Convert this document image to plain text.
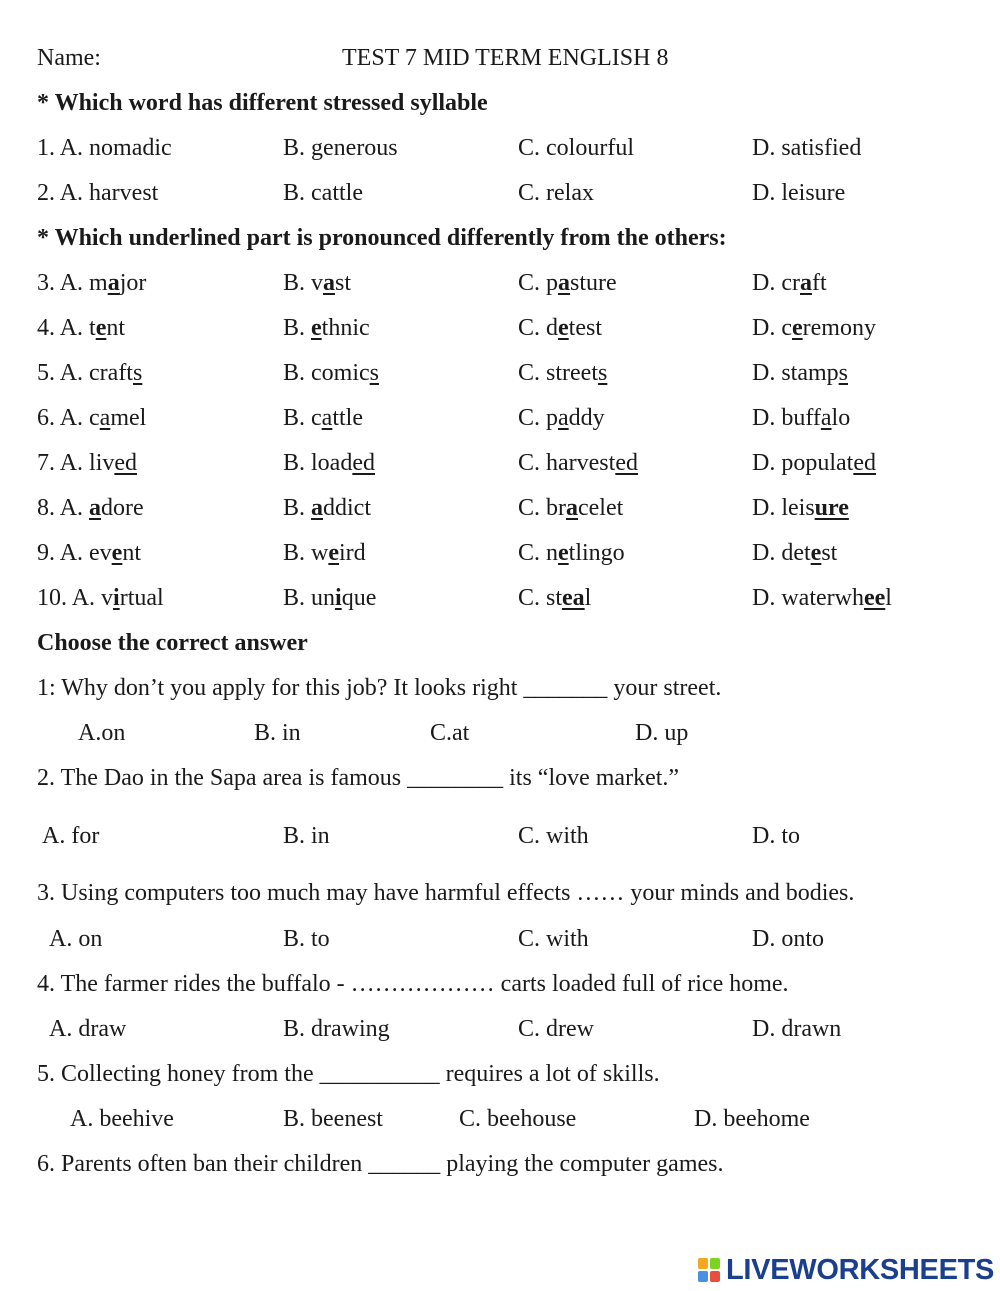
Name:	TEST 7 MID TERM ENGLISH 8
* Which word has different stressed syllable
1. A. nomadic	B. generous	C. colourful	D. satisfied
2. A. harvest	B. cattle	C. relax	D. leisure
* Which underlined part is pronounced differently from the others:
3. A. major	B. vast	C. pasture	D. craft
4. A. tent	B. ethnic	C. detest	D. ceremony
5. A. crafts	B. comics	C. streets	D. stamps
6. A. camel	B. cattle	C. paddy	D. buffalo
7. A. lived	B. loaded	C. harvested	D. populated
8. A. adore	B. addict	C. bracelet	D. leisure
9. A. event	B. weird	C. netlingo	D. detest
10. A. virtual	B. unique	C. steal	D. waterwheel
Choose the correct answer
1: Why don’t you apply for this job? It looks right _______ your street.
A.on	B. in	C.at	D. up
2. The Dao in the Sapa area is famous ________ its “love market.”
A. for	B. in	C. with	D. to
3. Using computers too much may have harmful effects …… your minds and bodies.
A. on	B. to	C. with	D. onto
4. The farmer rides the buffalo - ……………… carts loaded full of rice home.
A. draw	B. drawing	C. drew	D. drawn
5. Collecting honey from the __________ requires a lot of skills.
A. beehive	B. beenest	C. beehouse	D. beehome
6. Parents often ban their children ______ playing the computer games.
LIVEWORKSHEETS
